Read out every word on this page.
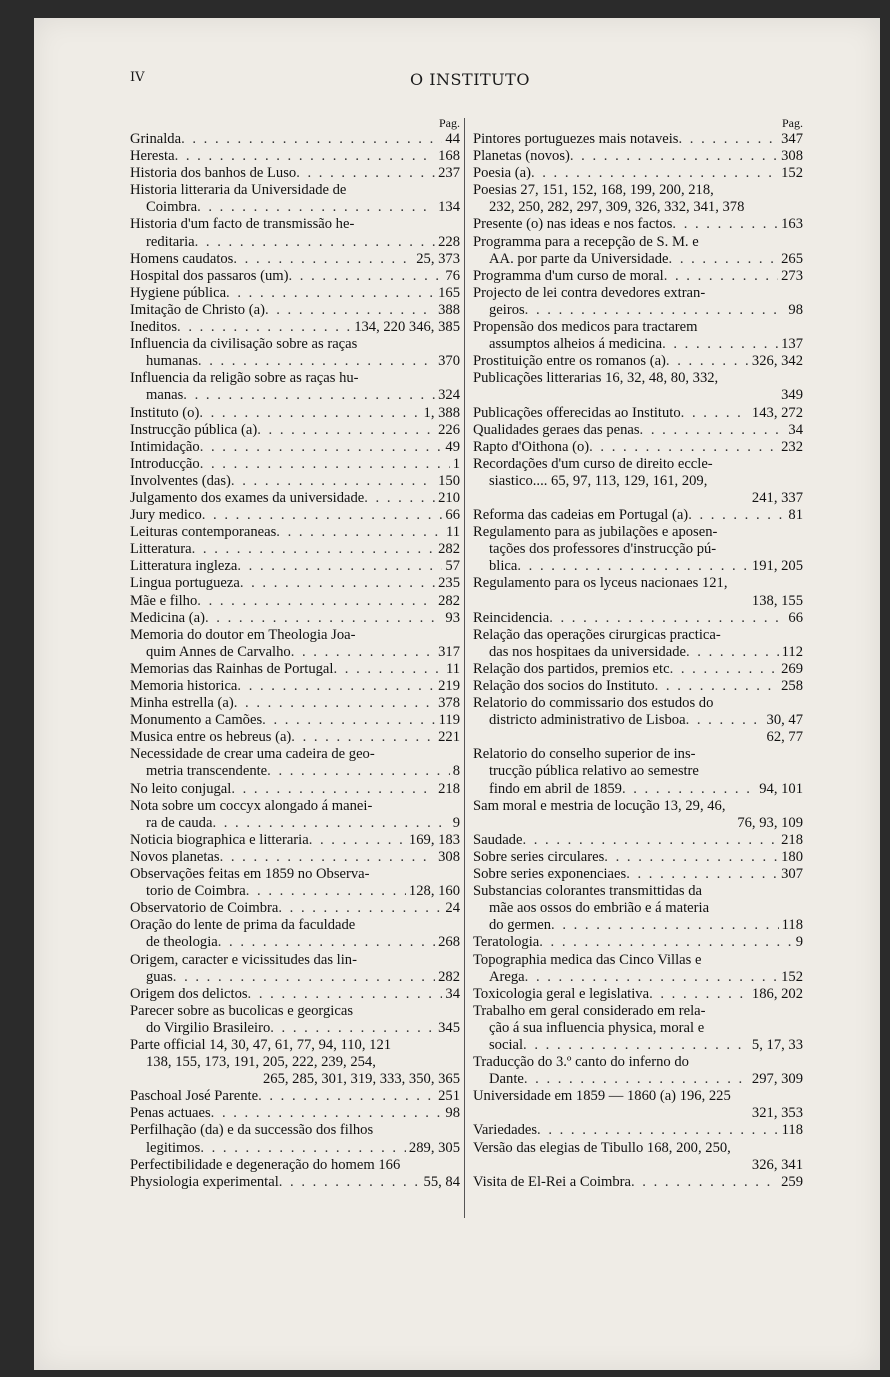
IV	O INSTITUTO
Pag.
Grinalda . . .	44
Heresta . . .	168
Historia dos banhos de Luso . . .	237
Historia litteraria da Universidade de
Coimbra . . .	134
Historia d'um facto de transmissão he-
reditaria . . .	228
Homens caudatos . . .	25, 373
Hospital dos passaros (um) . . .	76
Hygiene pública . . .	165
Imitação de Christo (a) . . .	388
Ineditos . . .	134, 220 346, 385
Influencia da civilisação sobre as raças
humanas . . .	370
Influencia da religão sobre as raças hu-
manas . . .	324
Instituto (o) . . .	1, 388
Instrucção pública (a) . . .	226
Intimidação . . .	49
Introducção . . .	1
Involventes (das) . . .	150
Julgamento dos exames da universidade . . .	210
Jury medico . . .	66
Leituras contemporaneas . . .	11
Litteratura . . .	282
Litteratura ingleza . . .	57
Lingua portugueza . . .	235
Mãe e filho . . .	282
Medicina (a) . . .	93
Memoria do doutor em Theologia Joa-
quim Annes de Carvalho . . .	317
Memorias das Rainhas de Portugal . . .	11
Memoria historica . . .	219
Minha estrella (a) . . .	378
Monumento a Camões . . .	119
Musica entre os hebreus (a) . . .	221
Necessidade de crear uma cadeira de geo-
metria transcendente . . .	8
No leito conjugal . . .	218
Nota sobre um coccyx alongado á manei-
ra de cauda . . .	9
Noticia biographica e litteraria . . .	169, 183
Novos planetas . . .	308
Observações feitas em 1859 no Observa-
torio de Coimbra . . .	128, 160
Observatorio de Coimbra . . .	24
Oração do lente de prima da faculdade
de theologia . . .	268
Origem, caracter e vicissitudes das lin-
guas . . .	282
Origem dos delictos . . .	34
Parecer sobre as bucolicas e georgicas
do Virgilio Brasileiro . . .	345
Parte official 14, 30, 47, 61, 77, 94, 110, 121
138, 155, 173, 191, 205, 222, 239, 254,
265, 285, 301, 319, 333, 350, 365
Paschoal José Parente . . .	251
Penas actuaes . . .	98
Perfilhação (da) e da successão dos filhos
legitimos . . .	289, 305
Perfectibilidade e degeneração do homem 166
Physiologia experimental . . .	55, 84
Pag.
Pintores portuguezes mais notaveis . . .	347
Planetas (novos) . . .	308
Poesia (a) . . .	152
Poesias 27, 151, 152, 168, 199, 200, 218,
232, 250, 282, 297, 309, 326, 332, 341, 378
Presente (o) nas ideas e nos factos . . .	163
Programma para a recepção de S. M. e
AA. por parte da Universidade . . .	265
Programma d'um curso de moral . . .	273
Projecto de lei contra devedores extran-
geiros . . .	98
Propensão dos medicos para tractarem
assumptos alheios á medicina . . .	137
Prostituição entre os romanos (a) . . .	326, 342
Publicações litterarias 16, 32, 48, 80, 332,
349
Publicações offerecidas ao Instituto . . .	143, 272
Qualidades geraes das penas . . .	34
Rapto d'Oithona (o) . . .	232
Recordações d'um curso de direito eccle-
siastico.... 65, 97, 113, 129, 161, 209,
241, 337
Reforma das cadeias em Portugal (a) . . .	81
Regulamento para as jubilações e aposen-
tações dos professores d'instrucção pú-
blica . . .	191, 205
Regulamento para os lyceus nacionaes 121,
138, 155
Reincidencia . . .	66
Relação das operações cirurgicas practica-
das nos hospitaes da universidade . . .	112
Relação dos partidos, premios etc . . .	269
Relação dos socios do Instituto . . .	258
Relatorio do commissario dos estudos do
districto administrativo de Lisboa . . .	30, 47
62, 77
Relatorio do conselho superior de ins-
trucção pública relativo ao semestre
findo em abril de 1859 . . .	94, 101
Sam moral e mestria de locução 13, 29, 46,
76, 93, 109
Saudade . . .	218
Sobre series circulares . . .	180
Sobre series exponenciaes . . .	307
Substancias colorantes transmittidas da
mãe aos ossos do embrião e á materia
do germen . . .	118
Teratologia . . .	9
Topographia medica das Cinco Villas e
Arega . . .	152
Toxicologia geral e legislativa . . .	186, 202
Trabalho em geral considerado em rela-
ção á sua influencia physica, moral e
social . . .	5, 17, 33
Traducção do 3.º canto do inferno do
Dante . . .	297, 309
Universidade em 1859 — 1860 (a) 196, 225
321, 353
Variedades . . .	118
Versão das elegias de Tibullo 168, 200, 250,
326, 341
Visita de El-Rei a Coimbra . . .	259
